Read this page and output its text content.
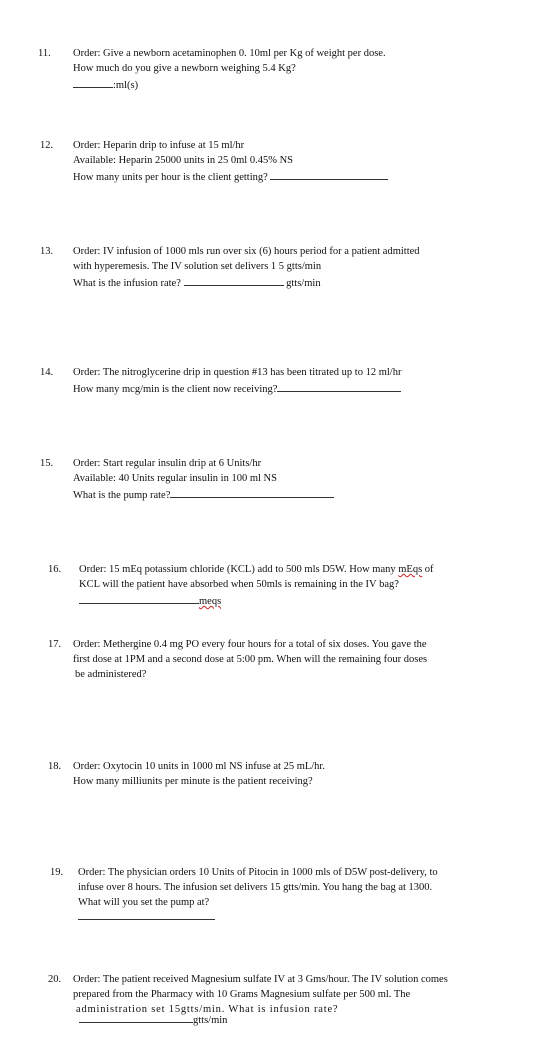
11. Order: Give a newborn acetaminophen 0. 10ml per Kg of weight per dose.
How much do you give a newborn weighing 5.4 Kg?
:ml(s)
12. Order: Heparin drip to infuse at 15 ml/hr
Available: Heparin 25000 units in 25 0ml 0.45% NS
How many units per hour is the client getting?
13. Order: IV infusion of 1000 mls run over six (6) hours period for a patient admitted
with hyperemesis. The IV solution set delivers 1 5 gtts/min
What is the infusion rate?	gtts/min
14. Order: The nitroglycerine drip in question #13 has been titrated up to 12 ml/hr
How many mcg/min is the client now receiving?
15. Order: Start regular insulin drip at 6 Units/hr
Available: 40 Units regular insulin in 100 ml NS
What is the pump rate?
16. Order: 15 mEq potassium chloride (KCL) add to 500 mls D5W. How many mEqs of
KCL will the patient have absorbed when 50mls is remaining in the IV bag?
meqs
17. Order: Methergine 0.4 mg PO every four hours for a total of six doses. You gave the
first dose at 1PM and a second dose at 5:00 pm. When will the remaining four doses
be administered?
18. Order: Oxytocin 10 units in 1000 ml NS infuse at 25 mL/hr.
How many milliunits per minute is the patient receiving?
19. Order: The physician orders 10 Units of Pitocin in 1000 mls of D5W post-delivery, to
infuse over 8 hours. The infusion set delivers 15 gtts/min. You hang the bag at 1300.
What will you set the pump at?
20. Order: The patient received Magnesium sulfate IV at 3 Gms/hour. The IV solution comes
prepared from the Pharmacy with 10 Grams Magnesium sulfate per 500 ml. The
administration set 15gtts/min. What is infusion rate?
gtts/min
